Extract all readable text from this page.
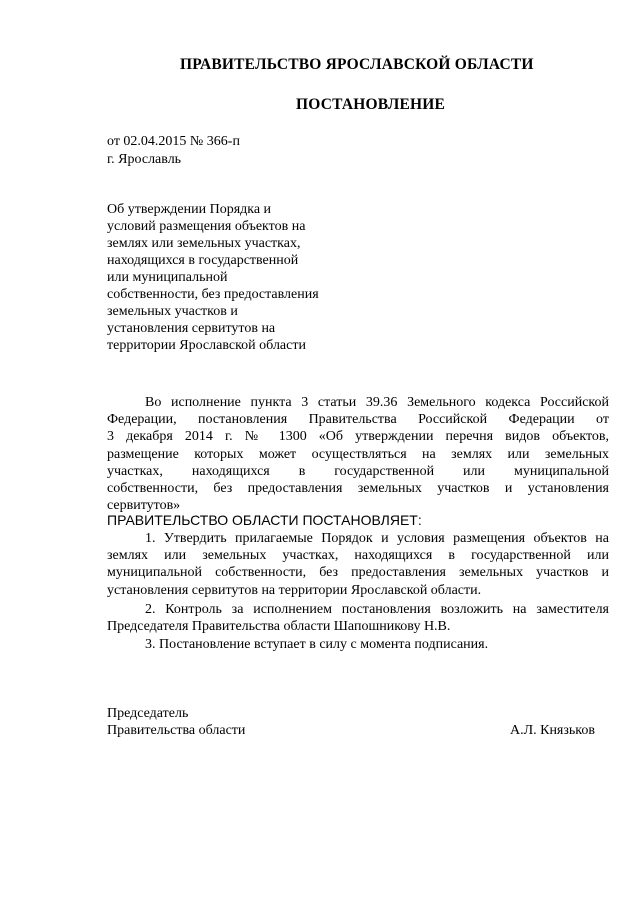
ПРАВИТЕЛЬСТВО ЯРОСЛАВСКОЙ ОБЛАСТИ
ПОСТАНОВЛЕНИЕ
от 02.04.2015 № 366-п
г. Ярославль
Об утверждении Порядка и
условий размещения объектов на
землях или земельных участках,
находящихся в государственной
или муниципальной
собственности, без предоставления
земельных участков и
установления сервитутов на
территории Ярославской области
Во исполнение пункта 3 статьи 39.36 Земельного кодекса Российской
Федерации, постановления Правительства Российской Федерации от
3 декабря 2014 г. № 1300 «Об утверждении перечня видов объектов,
размещение которых может осуществляться на землях или земельных
участках, находящихся в государственной или муниципальной
собственности, без предоставления земельных участков и установления
сервитутов»
ПРАВИТЕЛЬСТВО ОБЛАСТИ ПОСТАНОВЛЯЕТ:
1. Утвердить прилагаемые Порядок и условия размещения объектов на
землях или земельных участках, находящихся в государственной или
муниципальной собственности, без предоставления земельных участков и
установления сервитутов на территории Ярославской области.
2. Контроль за исполнением постановления возложить на заместителя
Председателя Правительства области Шапошникову Н.В.
3. Постановление вступает в силу с момента подписания.
Председатель
Правительства области	А.Л. Князьков
